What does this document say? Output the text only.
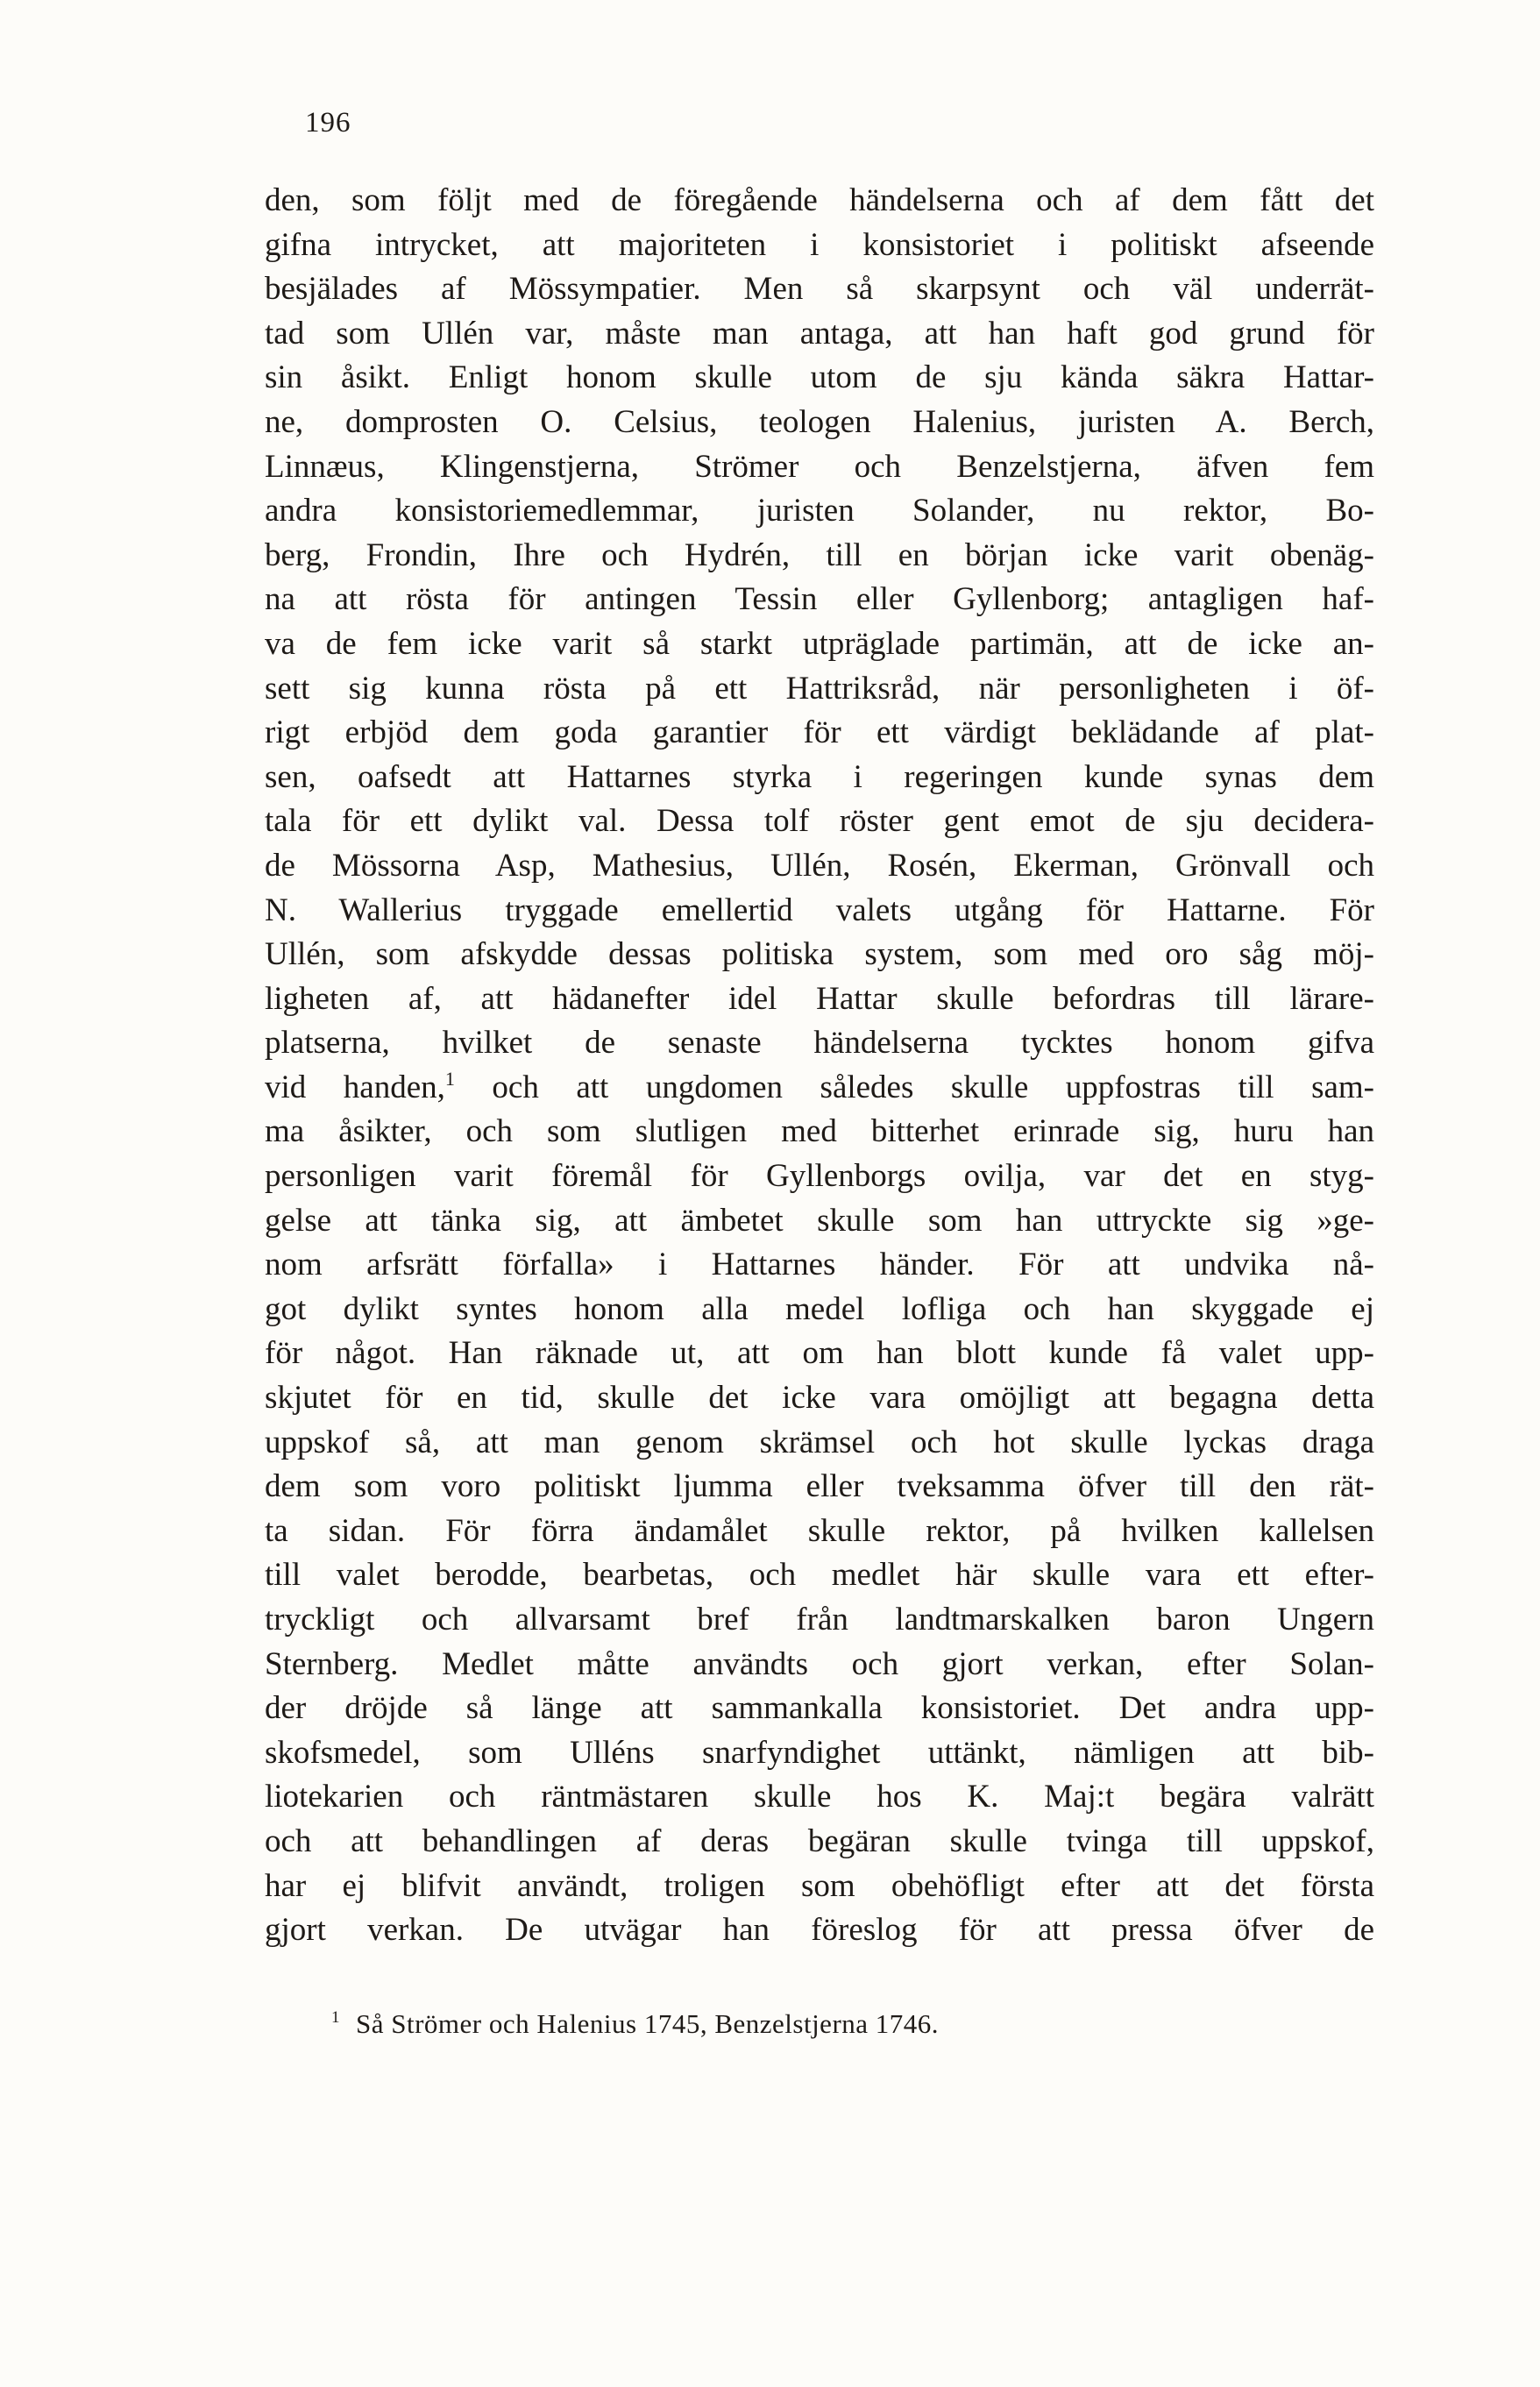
196
den, som följt med de föregående händelserna och af dem fått det
gifna intrycket, att majoriteten i konsistoriet i politiskt afseende
besjälades af Mössympatier. Men så skarpsynt och väl underrät-
tad som Ullén var, måste man antaga, att han haft god grund för
sin åsikt. Enligt honom skulle utom de sju kända säkra Hattar-
ne, domprosten O. Celsius, teologen Halenius, juristen A. Berch,
Linnæus, Klingenstjerna, Strömer och Benzelstjerna, äfven fem
andra konsistoriemedlemmar, juristen Solander, nu rektor, Bo-
berg, Frondin, Ihre och Hydrén, till en början icke varit obenäg-
na att rösta för antingen Tessin eller Gyllenborg; antagligen haf-
va de fem icke varit så starkt utpräglade partimän, att de icke an-
sett sig kunna rösta på ett Hattriksråd, när personligheten i öf-
rigt erbjöd dem goda garantier för ett värdigt beklädande af plat-
sen, oafsedt att Hattarnes styrka i regeringen kunde synas dem
tala för ett dylikt val. Dessa tolf röster gent emot de sju decidera-
de Mössorna Asp, Mathesius, Ullén, Rosén, Ekerman, Grönvall och
N. Wallerius tryggade emellertid valets utgång för Hattarne. För
Ullén, som afskydde dessas politiska system, som med oro såg möj-
ligheten af, att hädanefter idel Hattar skulle befordras till lärare-
platserna, hvilket de senaste händelserna tycktes honom gifva
vid handen,$^1$ och att ungdomen således skulle uppfostras till sam-
ma åsikter, och som slutligen med bitterhet erinrade sig, huru han
personligen varit föremål för Gyllenborgs ovilja, var det en styg-
gelse att tänka sig, att ämbetet skulle som han uttryckte sig »ge-
nom arfsrätt förfalla» i Hattarnes händer. För att undvika nå-
got dylikt syntes honom alla medel lofliga och han skyggade ej
för något. Han räknade ut, att om han blott kunde få valet upp-
skjutet för en tid, skulle det icke vara omöjligt att begagna detta
uppskof så, att man genom skrämsel och hot skulle lyckas draga
dem som voro politiskt ljumma eller tveksamma öfver till den rät-
ta sidan. För förra ändamålet skulle rektor, på hvilken kallelsen
till valet berodde, bearbetas, och medlet här skulle vara ett efter-
tryckligt och allvarsamt bref från landtmarskalken baron Ungern
Sternberg. Medlet måtte användts och gjort verkan, efter Solan-
der dröjde så länge att sammankalla konsistoriet. Det andra upp-
skofsmedel, som Ulléns snarfyndighet uttänkt, nämligen att bib-
liotekarien och räntmästaren skulle hos K. Maj:t begära valrätt
och att behandlingen af deras begäran skulle tvinga till uppskof,
har ej blifvit användt, troligen som obehöfligt efter att det första
gjort verkan. De utvägar han föreslog för att pressa öfver de
$^1$ Så Strömer och Halenius 1745, Benzelstjerna 1746.
